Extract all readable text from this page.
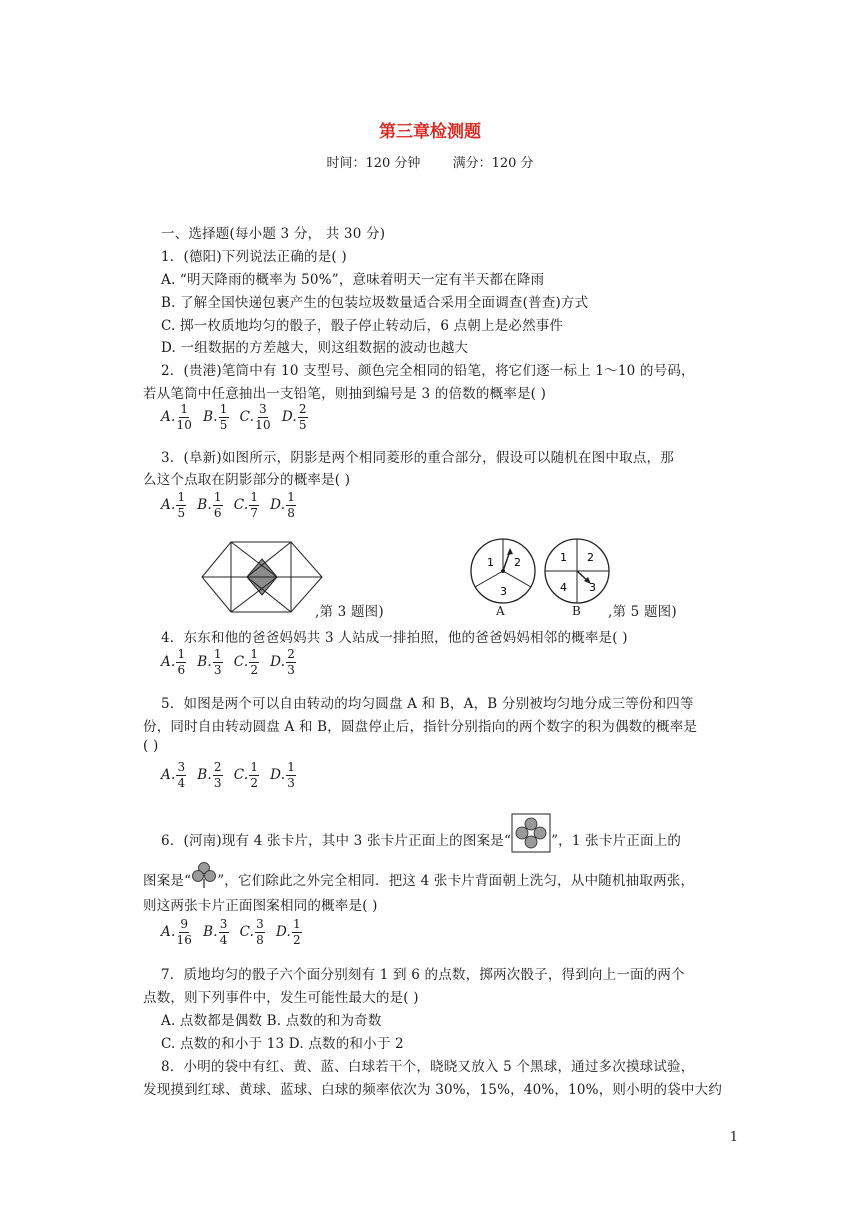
第三章检测题
时间：120 分钟 满分：120 分
一、选择题(每小题 3 分， 共 30 分)
1．(德阳)下列说法正确的是( )
A. “明天降雨的概率为 50%”，意味着明天一定有半天都在降雨
B. 了解全国快递包裹产生的包装垃圾数量适合采用全面调查(普查)方式
C. 掷一枚质地均匀的骰子，骰子停止转动后，6 点朝上是必然事件
D. 一组数据的方差越大，则这组数据的波动也越大
2．(贵港)笔筒中有 10 支型号、颜色完全相同的铅笔，将它们逐一标上 1～10 的号码，
若从笔筒中任意抽出一支铅笔，则抽到编号是 3 的倍数的概率是( )
A. $\frac{1}{10} B$. $\frac{1}{5} C$. $\frac{3}{10} D$. $\frac{2}{5}$
3．(阜新)如图所示，阴影是两个相同菱形的重合部分，假设可以随机在图中取点，那
么这个点取在阴影部分的概率是( )
A. $\frac{1}{5} B$. $\frac{1}{6} C$. $\frac{1}{7} D$. $\frac{1}{8}$
,第 3 题图)
1 2
3
A
1 2
4 3
B ,第 5 题图)
4．东东和他的爸爸妈妈共 3 人站成一排拍照，他的爸爸妈妈相邻的概率是( )
A. $\frac{1}{6} B$. $\frac{1}{3} C$. $\frac{1}{2} D$. $\frac{2}{3}$
5．如图是两个可以自由转动的均匀圆盘 A 和 B，A，B 分别被均匀地分成三等份和四等
份，同时自由转动圆盘 A 和 B，圆盘停止后，指针分别指向的两个数字的积为偶数的概率是
( )
A. $\frac{3}{4} B$. $\frac{2}{3} C$. $\frac{1}{2} D$. $\frac{1}{3}$
6．(河南)现有 4 张卡片，其中 3 张卡片正面上的图案是“	”，1 张卡片正面上的
图案是“ ”，它们除此之外完全相同．把这 4 张卡片背面朝上洗匀，从中随机抽取两张，
则这两张卡片正面图案相同的概率是( )
A. $\frac{9}{16} B$. $\frac{3}{4} C$. $\frac{3}{8} D$. $\frac{1}{2}$
7．质地均匀的骰子六个面分别刻有 1 到 6 的点数，掷两次骰子，得到向上一面的两个
点数，则下列事件中，发生可能性最大的是( )
A. 点数都是偶数 B. 点数的和为奇数
C. 点数的和小于 13 D. 点数的和小于 2
8．小明的袋中有红、黄、蓝、白球若干个，晓晓又放入 5 个黑球，通过多次摸球试验，
发现摸到红球、黄球、蓝球、白球的频率依次为 30%，15%，40%，10%，则小明的袋中大约
1
